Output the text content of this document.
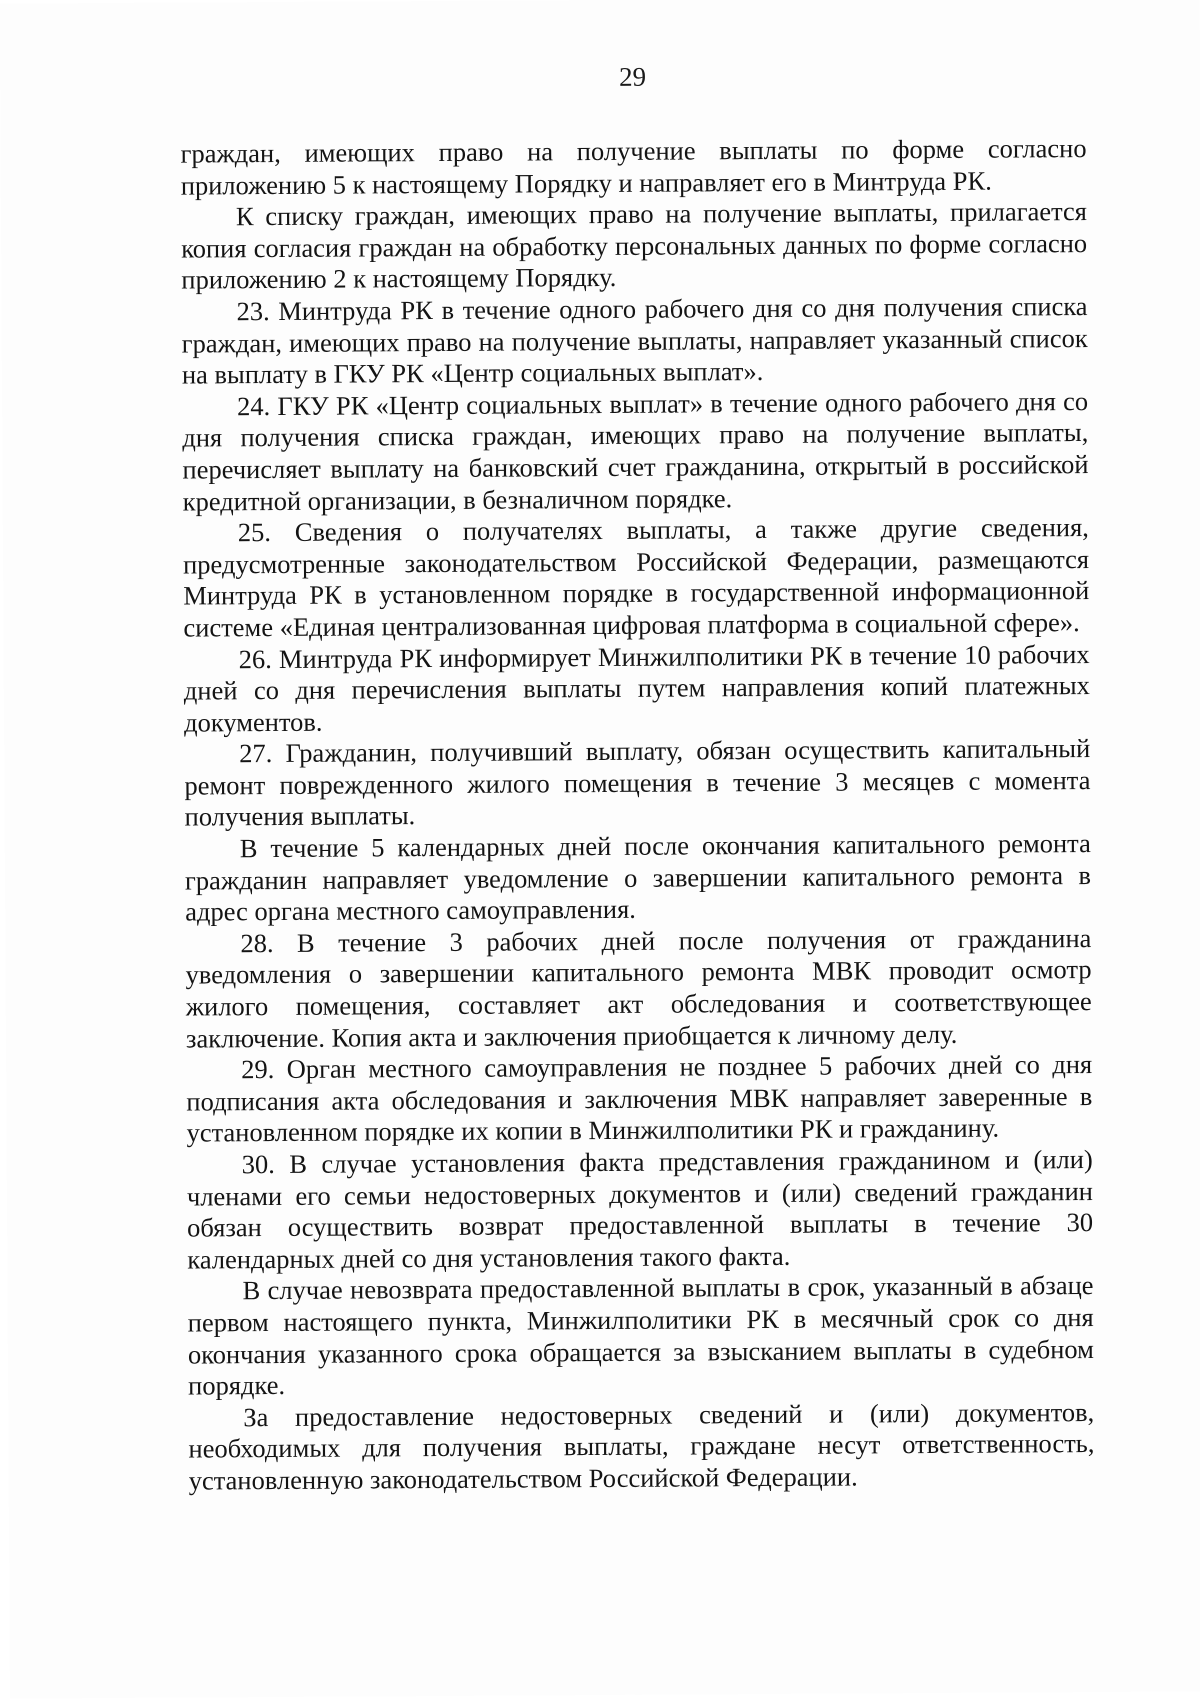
29

граждан, имеющих право на получение выплаты по форме согласно приложению 5 к настоящему Порядку и направляет его в Минтруда РК.

К списку граждан, имеющих право на получение выплаты, прилагается копия согласия граждан на обработку персональных данных по форме согласно приложению 2 к настоящему Порядку.

23. Минтруда РК в течение одного рабочего дня со дня получения списка граждан, имеющих право на получение выплаты, направляет указанный список на выплату в ГКУ РК «Центр социальных выплат».

24. ГКУ РК «Центр социальных выплат» в течение одного рабочего дня со дня получения списка граждан, имеющих право на получение выплаты, перечисляет выплату на банковский счет гражданина, открытый в российской кредитной организации, в безналичном порядке.

25. Сведения о получателях выплаты, а также другие сведения, предусмотренные законодательством Российской Федерации, размещаются Минтруда РК в установленном порядке в государственной информационной системе «Единая централизованная цифровая платформа в социальной сфере».

26. Минтруда РК информирует Минжилполитики РК в течение 10 рабочих дней со дня перечисления выплаты путем направления копий платежных документов.

27. Гражданин, получивший выплату, обязан осуществить капитальный ремонт поврежденного жилого помещения в течение 3 месяцев с момента получения выплаты.

В течение 5 календарных дней после окончания капитального ремонта гражданин направляет уведомление о завершении капитального ремонта в адрес органа местного самоуправления.

28. В течение 3 рабочих дней после получения от гражданина уведомления о завершении капитального ремонта МВК проводит осмотр жилого помещения, составляет акт обследования и соответствующее заключение. Копия акта и заключения приобщается к личному делу.

29. Орган местного самоуправления не позднее 5 рабочих дней со дня подписания акта обследования и заключения МВК направляет заверенные в установленном порядке их копии в Минжилполитики РК и гражданину.

30. В случае установления факта представления гражданином и (или) членами его семьи недостоверных документов и (или) сведений гражданин обязан осуществить возврат предоставленной выплаты в течение 30 календарных дней со дня установления такого факта.

В случае невозврата предоставленной выплаты в срок, указанный в абзаце первом настоящего пункта, Минжилполитики РК в месячный срок со дня окончания указанного срока обращается за взысканием выплаты в судебном порядке.

За предоставление недостоверных сведений и (или) документов, необходимых для получения выплаты, граждане несут ответственность, установленную законодательством Российской Федерации.
